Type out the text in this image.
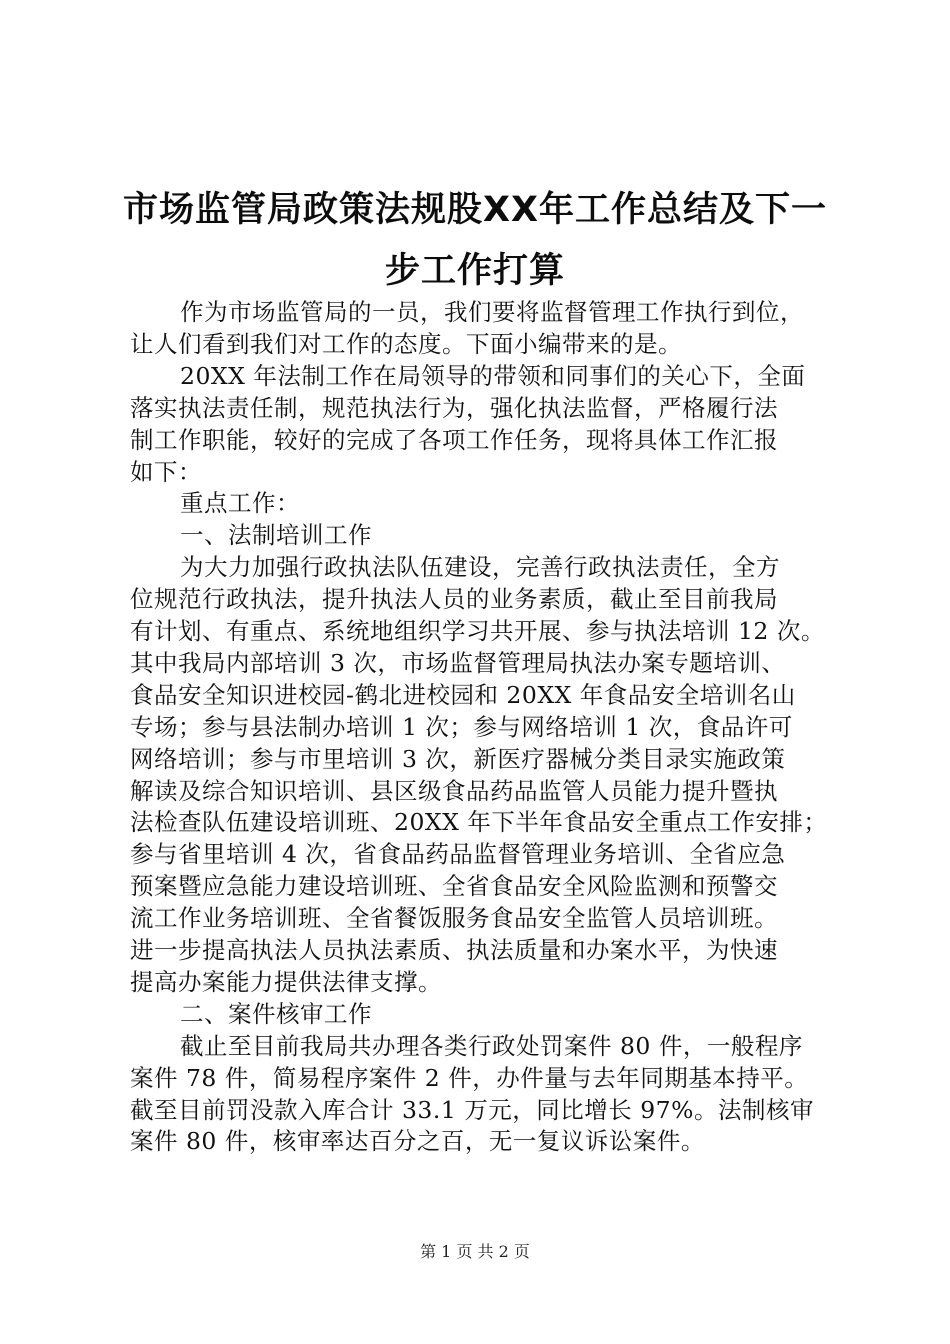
市场监管局政策法规股XX年工作总结及下一
步工作打算
作为市场监管局的一员，我们要将监督管理工作执行到位，
让人们看到我们对工作的态度。下面小编带来的是。
20XX 年法制工作在局领导的带领和同事们的关心下，全面
落实执法责任制，规范执法行为，强化执法监督，严格履行法
制工作职能，较好的完成了各项工作任务，现将具体工作汇报
如下：
重点工作：
一、法制培训工作
为大力加强行政执法队伍建设，完善行政执法责任，全方
位规范行政执法，提升执法人员的业务素质，截止至目前我局
有计划、有重点、系统地组织学习共开展、参与执法培训 12 次。
其中我局内部培训 3 次，市场监督管理局执法办案专题培训、
食品安全知识进校园-鹤北进校园和 20XX 年食品安全培训名山
专场；参与县法制办培训 1 次；参与网络培训 1 次，食品许可
网络培训；参与市里培训 3 次，新医疗器械分类目录实施政策
解读及综合知识培训、县区级食品药品监管人员能力提升暨执
法检查队伍建设培训班、20XX 年下半年食品安全重点工作安排；
参与省里培训 4 次，省食品药品监督管理业务培训、全省应急
预案暨应急能力建设培训班、全省食品安全风险监测和预警交
流工作业务培训班、全省餐饭服务食品安全监管人员培训班。
进一步提高执法人员执法素质、执法质量和办案水平，为快速
提高办案能力提供法律支撑。
二、案件核审工作
截止至目前我局共办理各类行政处罚案件 80 件，一般程序
案件 78 件，简易程序案件 2 件，办件量与去年同期基本持平。
截至目前罚没款入库合计 33.1 万元，同比增长 97%。法制核审
案件 80 件，核审率达百分之百，无一复议诉讼案件。
第 1 页 共 2 页
